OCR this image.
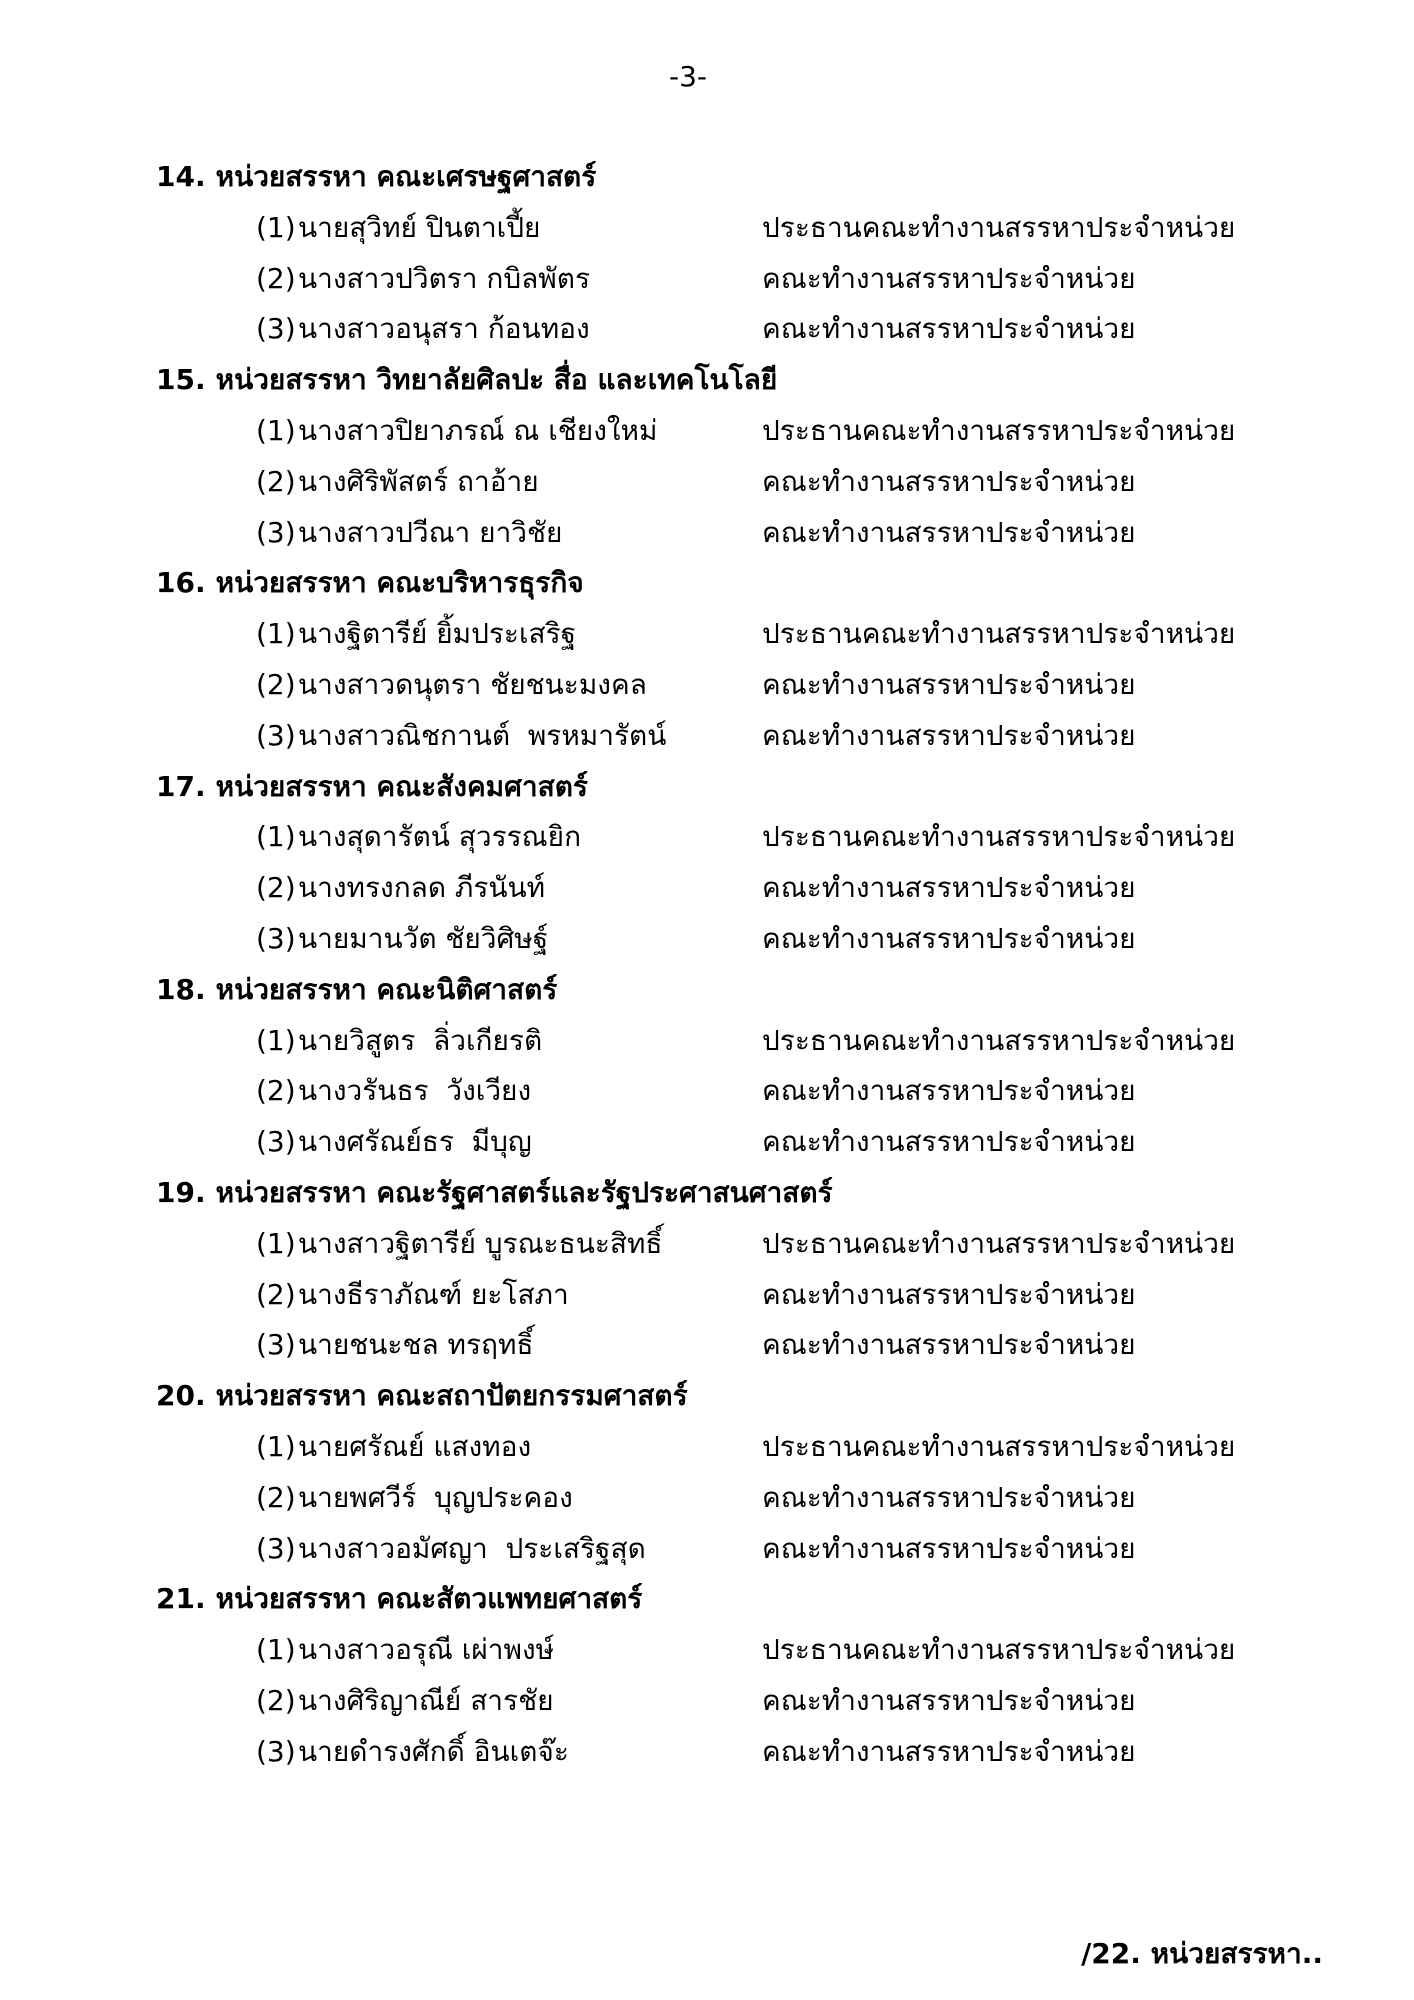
-3-
14. หน่วยสรรหา คณะเศรษฐศาสตร์
(1) นายสุวิทย์ ปินตาเปี้ย	ประธานคณะทำงานสรรหาประจำหน่วย
(2) นางสาวปวิตรา กบิลพัตร	คณะทำงานสรรหาประจำหน่วย
(3) นางสาวอนุสรา ก้อนทอง	คณะทำงานสรรหาประจำหน่วย
15. หน่วยสรรหา วิทยาลัยศิลปะ สื่อ และเทคโนโลยี
(1) นางสาวปิยาภรณ์ ณ เชียงใหม่	ประธานคณะทำงานสรรหาประจำหน่วย
(2) นางศิริพัสตร์ ถาอ้าย	คณะทำงานสรรหาประจำหน่วย
(3) นางสาวปวีณา ยาวิชัย	คณะทำงานสรรหาประจำหน่วย
16. หน่วยสรรหา คณะบริหารธุรกิจ
(1) นางฐิตารีย์ ยิ้มประเสริฐ	ประธานคณะทำงานสรรหาประจำหน่วย
(2) นางสาวดนุตรา ชัยชนะมงคล	คณะทำงานสรรหาประจำหน่วย
(3) นางสาวณิชกานต์  พรหมารัตน์	คณะทำงานสรรหาประจำหน่วย
17. หน่วยสรรหา คณะสังคมศาสตร์
(1) นางสุดารัตน์ สุวรรณยิก	ประธานคณะทำงานสรรหาประจำหน่วย
(2) นางทรงกลด ภีรนันท์	คณะทำงานสรรหาประจำหน่วย
(3) นายมานวัต ชัยวิศิษฐ์	คณะทำงานสรรหาประจำหน่วย
18. หน่วยสรรหา คณะนิติศาสตร์
(1) นายวิสูตร  ลิ่วเกียรติ	ประธานคณะทำงานสรรหาประจำหน่วย
(2) นางวรันธร  วังเวียง	คณะทำงานสรรหาประจำหน่วย
(3) นางศรัณย์ธร  มีบุญ	คณะทำงานสรรหาประจำหน่วย
19. หน่วยสรรหา คณะรัฐศาสตร์และรัฐประศาสนศาสตร์
(1) นางสาวฐิตารีย์ บูรณะธนะสิทธิ์	ประธานคณะทำงานสรรหาประจำหน่วย
(2) นางธีราภัณฑ์ ยะโสภา	คณะทำงานสรรหาประจำหน่วย
(3) นายชนะชล ทรฤทธิ์	คณะทำงานสรรหาประจำหน่วย
20. หน่วยสรรหา คณะสถาปัตยกรรมศาสตร์
(1) นายศรัณย์ แสงทอง	ประธานคณะทำงานสรรหาประจำหน่วย
(2) นายพศวีร์  บุญประคอง	คณะทำงานสรรหาประจำหน่วย
(3) นางสาวอมัศญา  ประเสริฐสุด	คณะทำงานสรรหาประจำหน่วย
21. หน่วยสรรหา คณะสัตวแพทยศาสตร์
(1) นางสาวอรุณี เผ่าพงษ์	ประธานคณะทำงานสรรหาประจำหน่วย
(2) นางศิริญาณีย์ สารชัย	คณะทำงานสรรหาประจำหน่วย
(3) นายดำรงศักดิ์ อินเตจ๊ะ	คณะทำงานสรรหาประจำหน่วย
/22. หน่วยสรรหา..
